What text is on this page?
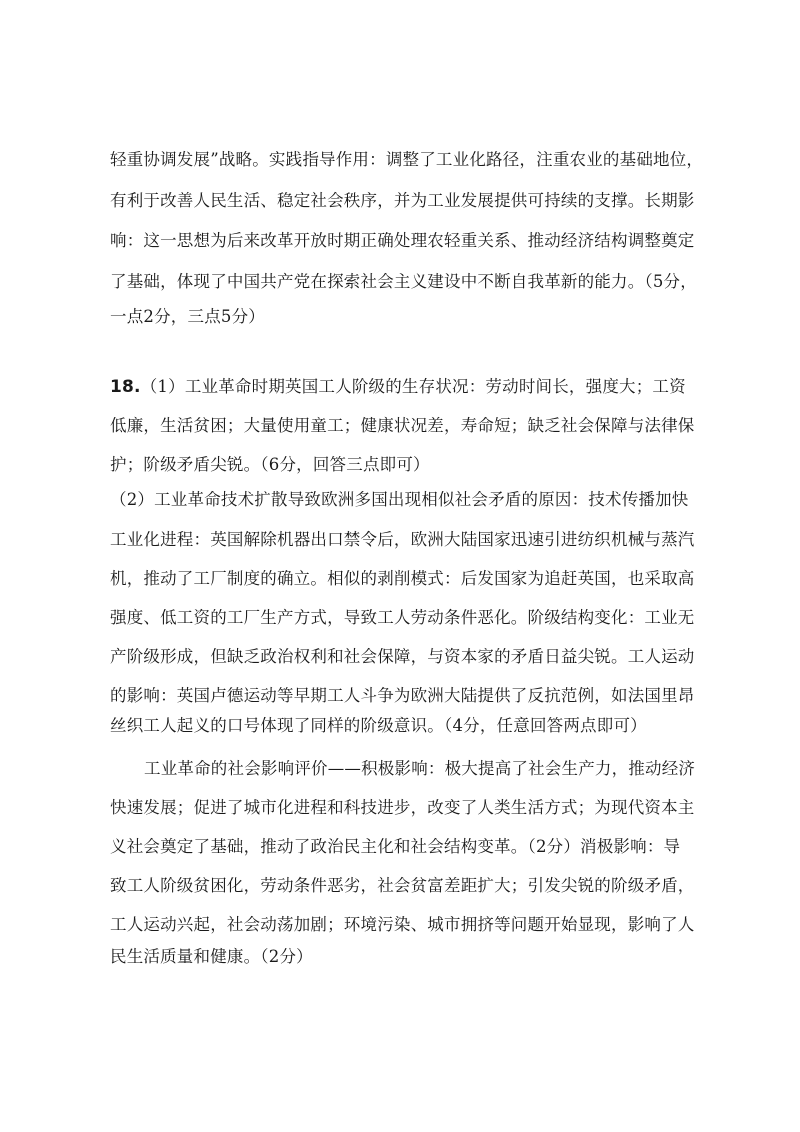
轻重协调发展”战略。实践指导作用：调整了工业化路径，注重农业的基础地位，
有利于改善人民生活、稳定社会秩序，并为工业发展提供可持续的支撑。长期影
响：这一思想为后来改革开放时期正确处理农轻重关系、推动经济结构调整奠定
了基础，体现了中国共产党在探索社会主义建设中不断自我革新的能力。（5分，
一点2分，三点5分）
18.（1）工业革命时期英国工人阶级的生存状况：劳动时间长，强度大；工资
低廉，生活贫困；大量使用童工；健康状况差，寿命短；缺乏社会保障与法律保
护；阶级矛盾尖锐。（6分，回答三点即可）
（2）工业革命技术扩散导致欧洲多国出现相似社会矛盾的原因：技术传播加快
工业化进程：英国解除机器出口禁令后，欧洲大陆国家迅速引进纺织机械与蒸汽
机，推动了工厂制度的确立。相似的剥削模式：后发国家为追赶英国，也采取高
强度、低工资的工厂生产方式，导致工人劳动条件恶化。阶级结构变化：工业无
产阶级形成，但缺乏政治权利和社会保障，与资本家的矛盾日益尖锐。工人运动
的影响：英国卢德运动等早期工人斗争为欧洲大陆提供了反抗范例，如法国里昂
丝织工人起义的口号体现了同样的阶级意识。（4分，任意回答两点即可）
工业革命的社会影响评价——积极影响：极大提高了社会生产力，推动经济
快速发展；促进了城市化进程和科技进步，改变了人类生活方式；为现代资本主
义社会奠定了基础，推动了政治民主化和社会结构变革。（2分）消极影响：导
致工人阶级贫困化，劳动条件恶劣，社会贫富差距扩大；引发尖锐的阶级矛盾，
工人运动兴起，社会动荡加剧；环境污染、城市拥挤等问题开始显现，影响了人
民生活质量和健康。（2分）
